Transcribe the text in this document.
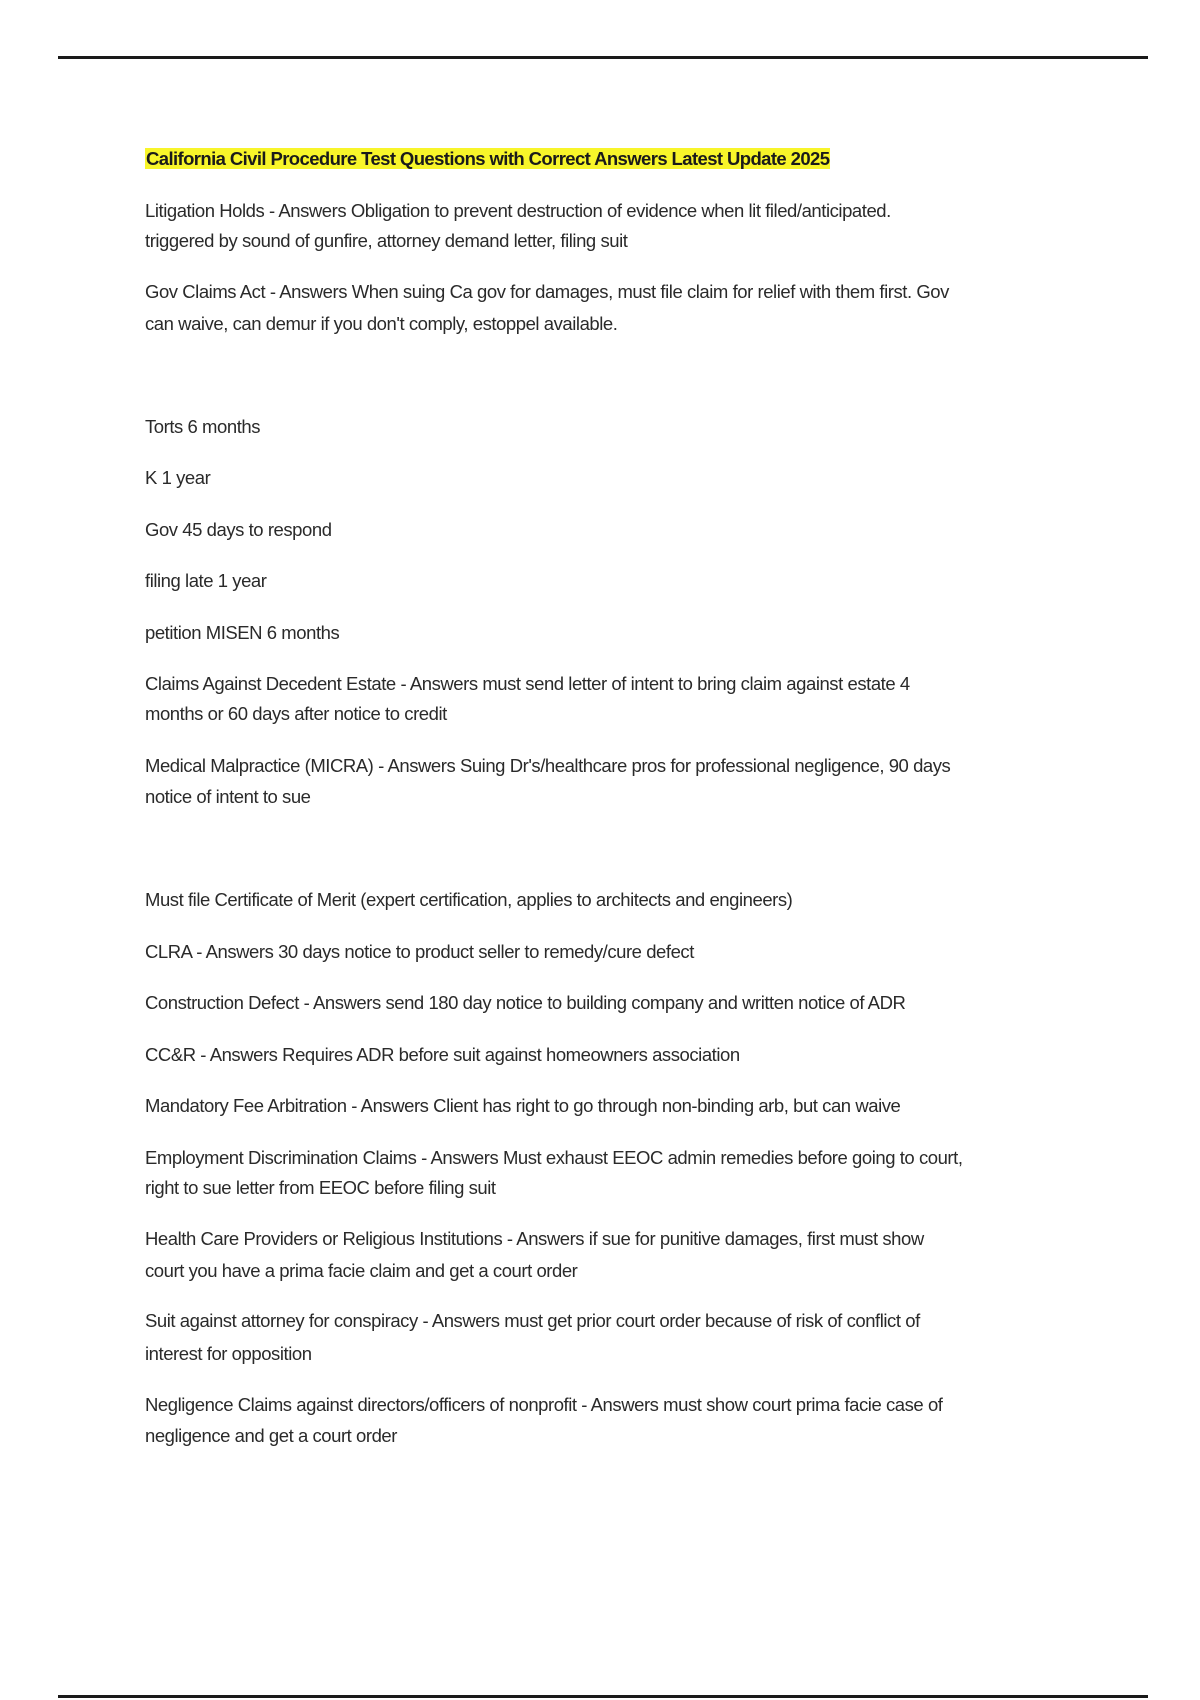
California Civil Procedure Test Questions with Correct Answers Latest Update 2025
Litigation Holds - Answers Obligation to prevent destruction of evidence when lit filed/anticipated.
triggered by sound of gunfire, attorney demand letter, filing suit
Gov Claims Act - Answers When suing Ca gov for damages, must file claim for relief with them first. Gov
can waive, can demur if you don't comply, estoppel available.
Torts 6 months
K 1 year
Gov 45 days to respond
filing late 1 year
petition MISEN 6 months
Claims Against Decedent Estate - Answers must send letter of intent to bring claim against estate 4
months or 60 days after notice to credit
Medical Malpractice (MICRA) - Answers Suing Dr's/healthcare pros for professional negligence, 90 days
notice of intent to sue
Must file Certificate of Merit (expert certification, applies to architects and engineers)
CLRA - Answers 30 days notice to product seller to remedy/cure defect
Construction Defect - Answers send 180 day notice to building company and written notice of ADR
CC&R - Answers Requires ADR before suit against homeowners association
Mandatory Fee Arbitration - Answers Client has right to go through non-binding arb, but can waive
Employment Discrimination Claims - Answers Must exhaust EEOC admin remedies before going to court,
right to sue letter from EEOC before filing suit
Health Care Providers or Religious Institutions - Answers if sue for punitive damages, first must show
court you have a prima facie claim and get a court order
Suit against attorney for conspiracy - Answers must get prior court order because of risk of conflict of
interest for opposition
Negligence Claims against directors/officers of nonprofit - Answers must show court prima facie case of
negligence and get a court order
